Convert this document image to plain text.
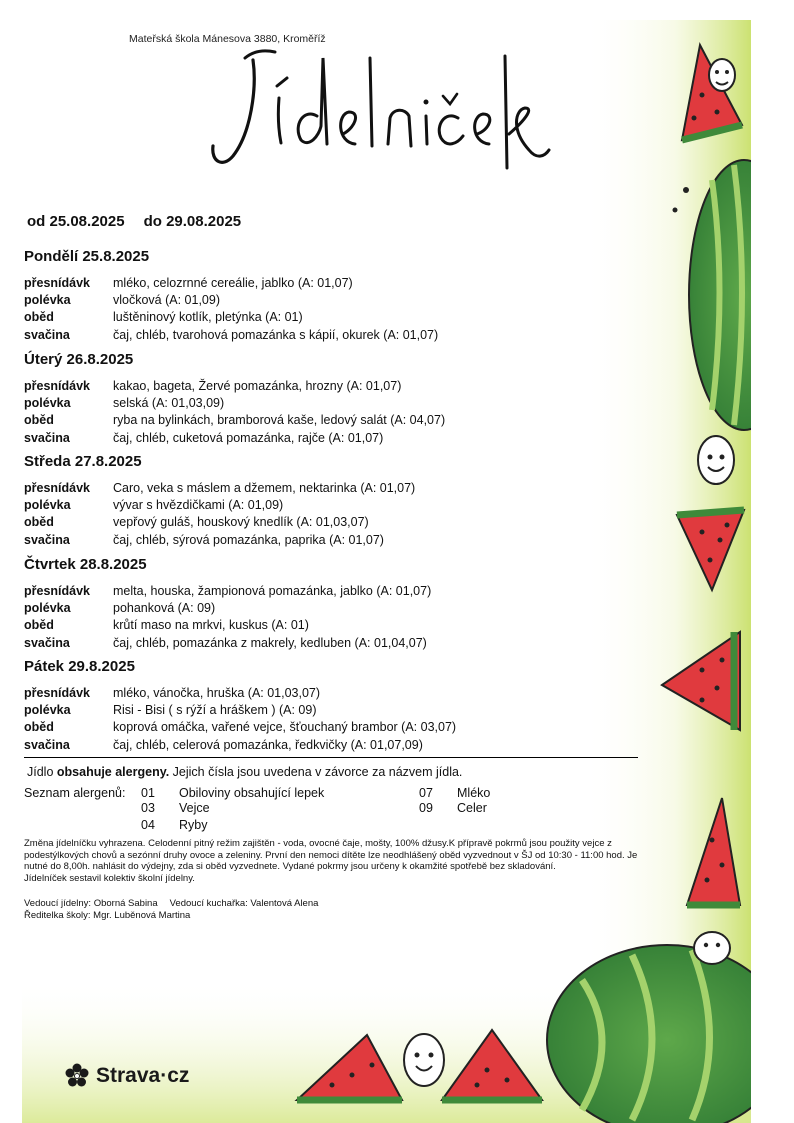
Mateřská škola Mánesova 3880, Kroměříž
od 25.08.2025 do 29.08.2025
Pondělí 25.8.2025
přesnídávk	mléko, celozrnné cereálie, jablko (A: 01,07)
polévka	vločková (A: 01,09)
oběd	luštěninový kotlík, pletýnka (A: 01)
svačina	čaj, chléb, tvarohová pomazánka s kápií, okurek (A: 01,07)
Úterý 26.8.2025
přesnídávk	kakao, bageta, Žervé pomazánka, hrozny (A: 01,07)
polévka	selská (A: 01,03,09)
oběd	ryba na bylinkách, bramborová kaše, ledový salát (A: 04,07)
svačina	čaj, chléb, cuketová pomazánka, rajče (A: 01,07)
Středa 27.8.2025
přesnídávk	Caro, veka s máslem a džemem, nektarinka (A: 01,07)
polévka	vývar s hvězdičkami (A: 01,09)
oběd	vepřový guláš, houskový knedlík (A: 01,03,07)
svačina	čaj, chléb, sýrová pomazánka, paprika (A: 01,07)
Čtvrtek 28.8.2025
přesnídávk	melta, houska, žampionová pomazánka, jablko (A: 01,07)
polévka	pohanková (A: 09)
oběd	krůtí maso na mrkvi, kuskus (A: 01)
svačina	čaj, chléb, pomazánka z makrely, kedluben (A: 01,04,07)
Pátek 29.8.2025
přesnídávk	mléko, vánočka, hruška (A: 01,03,07)
polévka	Risi - Bisi ( s rýží a hráškem ) (A: 09)
oběd	koprová omáčka, vařené vejce, šťouchaný brambor (A: 03,07)
svačina	čaj, chléb, celerová pomazánka, ředkvičky (A: 01,07,09)
Jídlo obsahuje alergeny. Jejich čísla jsou uvedena v závorce za názvem jídla.
Seznam alergenů: 01 Obiloviny obsahující lepek
03 Vejce
04 Ryby
07 Mléko
09 Celer
Změna jídelníčku vyhrazena. Celodenní pitný režim zajištěn - voda, ovocné čaje, mošty, 100% džusy.K přípravě pokrmů jsou použity vejce z
podestýlkových chovů a sezónní druhy ovoce a zeleniny. První den nemoci dítěte lze neodhlášený oběd vyzvednout v ŠJ od 10:30 - 11:00 hod. Je
nutné do 8,00h. nahlásit do výdejny, zda si oběd vyzvednete. Vydané pokrmy jsou určeny k okamžité spotřebě bez skladování.
Jídelníček sestavil kolektiv školní jídelny.
Vedoucí jídelny: Oborná Sabina Vedoucí kuchařka: Valentová Alena
Ředitelka školy: Mgr. Luběnová Martina
Strava·cz
